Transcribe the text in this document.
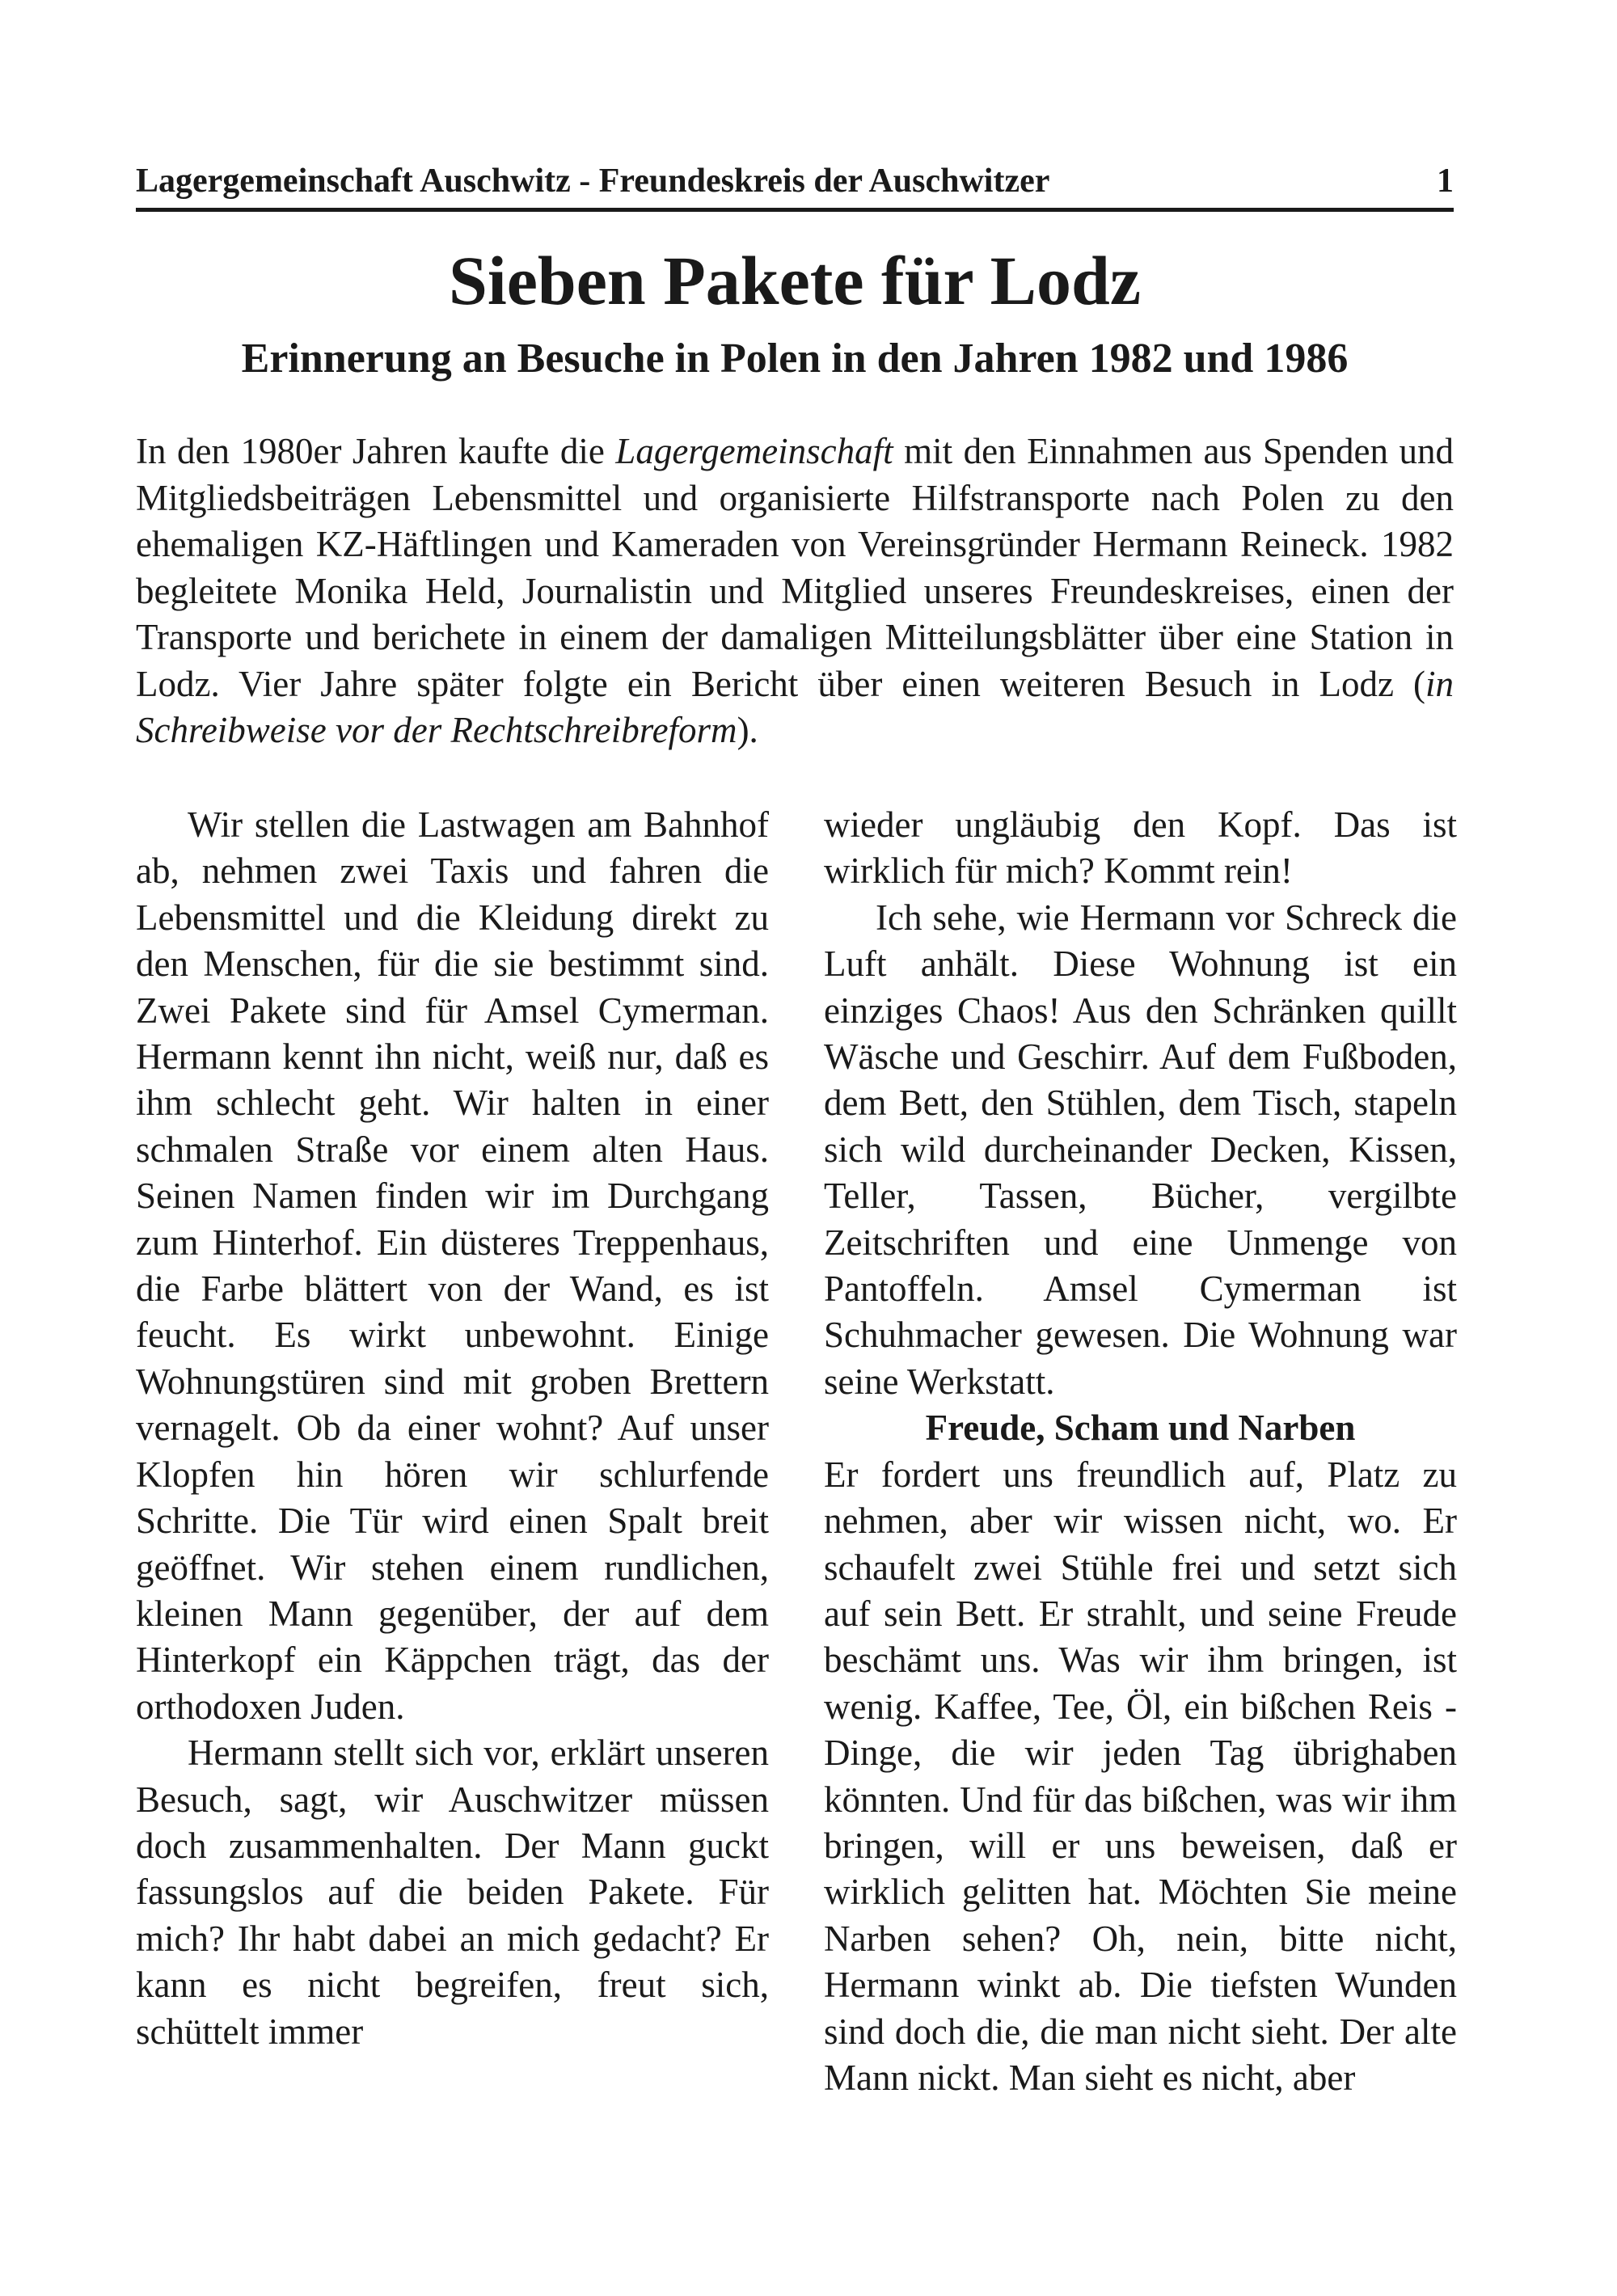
Lagergemeinschaft Auschwitz - Freundeskreis der Auschwitzer	1
Sieben Pakete für Lodz
Erinnerung an Besuche in Polen in den Jahren 1982 und 1986

In den 1980er Jahren kaufte die Lagergemeinschaft mit den Einnahmen aus Spenden und Mitgliedsbeiträgen Lebensmittel und organisierte Hilfstransporte nach Polen zu den ehemaligen KZ-Häftlingen und Kameraden von Vereinsgründer Hermann Reineck. 1982 begleitete Monika Held, Journalistin und Mitglied unseres Freundeskreises, einen der Transporte und berichete in einem der damaligen Mitteilungsblätter über eine Station in Lodz. Vier Jahre später folgte ein Bericht über einen weiteren Besuch in Lodz (in Schreibweise vor der Rechtschreibreform).

Wir stellen die Lastwagen am Bahnhof ab, nehmen zwei Taxis und fahren die Lebensmittel und die Kleidung direkt zu den Menschen, für die sie bestimmt sind. Zwei Pakete sind für Amsel Cymerman. Hermann kennt ihn nicht, weiß nur, daß es ihm schlecht geht. Wir halten in einer schmalen Straße vor einem alten Haus. Seinen Namen finden wir im Durchgang zum Hinterhof. Ein düsteres Treppenhaus, die Farbe blättert von der Wand, es ist feucht. Es wirkt unbewohnt. Einige Wohnungstüren sind mit groben Brettern vernagelt. Ob da einer wohnt? Auf unser Klopfen hin hören wir schlurfende Schritte. Die Tür wird einen Spalt breit geöffnet. Wir stehen einem rundlichen, kleinen Mann gegenüber, der auf dem Hinterkopf ein Käppchen trägt, das der orthodoxen Juden.

Hermann stellt sich vor, erklärt unseren Besuch, sagt, wir Auschwitzer müssen doch zusammenhalten. Der Mann guckt fassungslos auf die beiden Pakete. Für mich? Ihr habt dabei an mich gedacht? Er kann es nicht begreifen, freut sich, schüttelt immer

wieder ungläubig den Kopf. Das ist wirklich für mich? Kommt rein!

Ich sehe, wie Hermann vor Schreck die Luft anhält. Diese Wohnung ist ein einziges Chaos! Aus den Schränken quillt Wäsche und Geschirr. Auf dem Fußboden, dem Bett, den Stühlen, dem Tisch, stapeln sich wild durcheinander Decken, Kissen, Teller, Tassen, Bücher, vergilbte Zeitschriften und eine Unmenge von Pantoffeln. Amsel Cymerman ist Schuhmacher gewesen. Die Wohnung war seine Werkstatt.

Freude, Scham und Narben

Er fordert uns freundlich auf, Platz zu nehmen, aber wir wissen nicht, wo. Er schaufelt zwei Stühle frei und setzt sich auf sein Bett. Er strahlt, und seine Freude beschämt uns. Was wir ihm bringen, ist wenig. Kaffee, Tee, Öl, ein bißchen Reis - Dinge, die wir jeden Tag übrighaben könnten. Und für das bißchen, was wir ihm bringen, will er uns beweisen, daß er wirklich gelitten hat. Möchten Sie meine Narben sehen? Oh, nein, bitte nicht, Hermann winkt ab. Die tiefsten Wunden sind doch die, die man nicht sieht. Der alte Mann nickt. Man sieht es nicht, aber
